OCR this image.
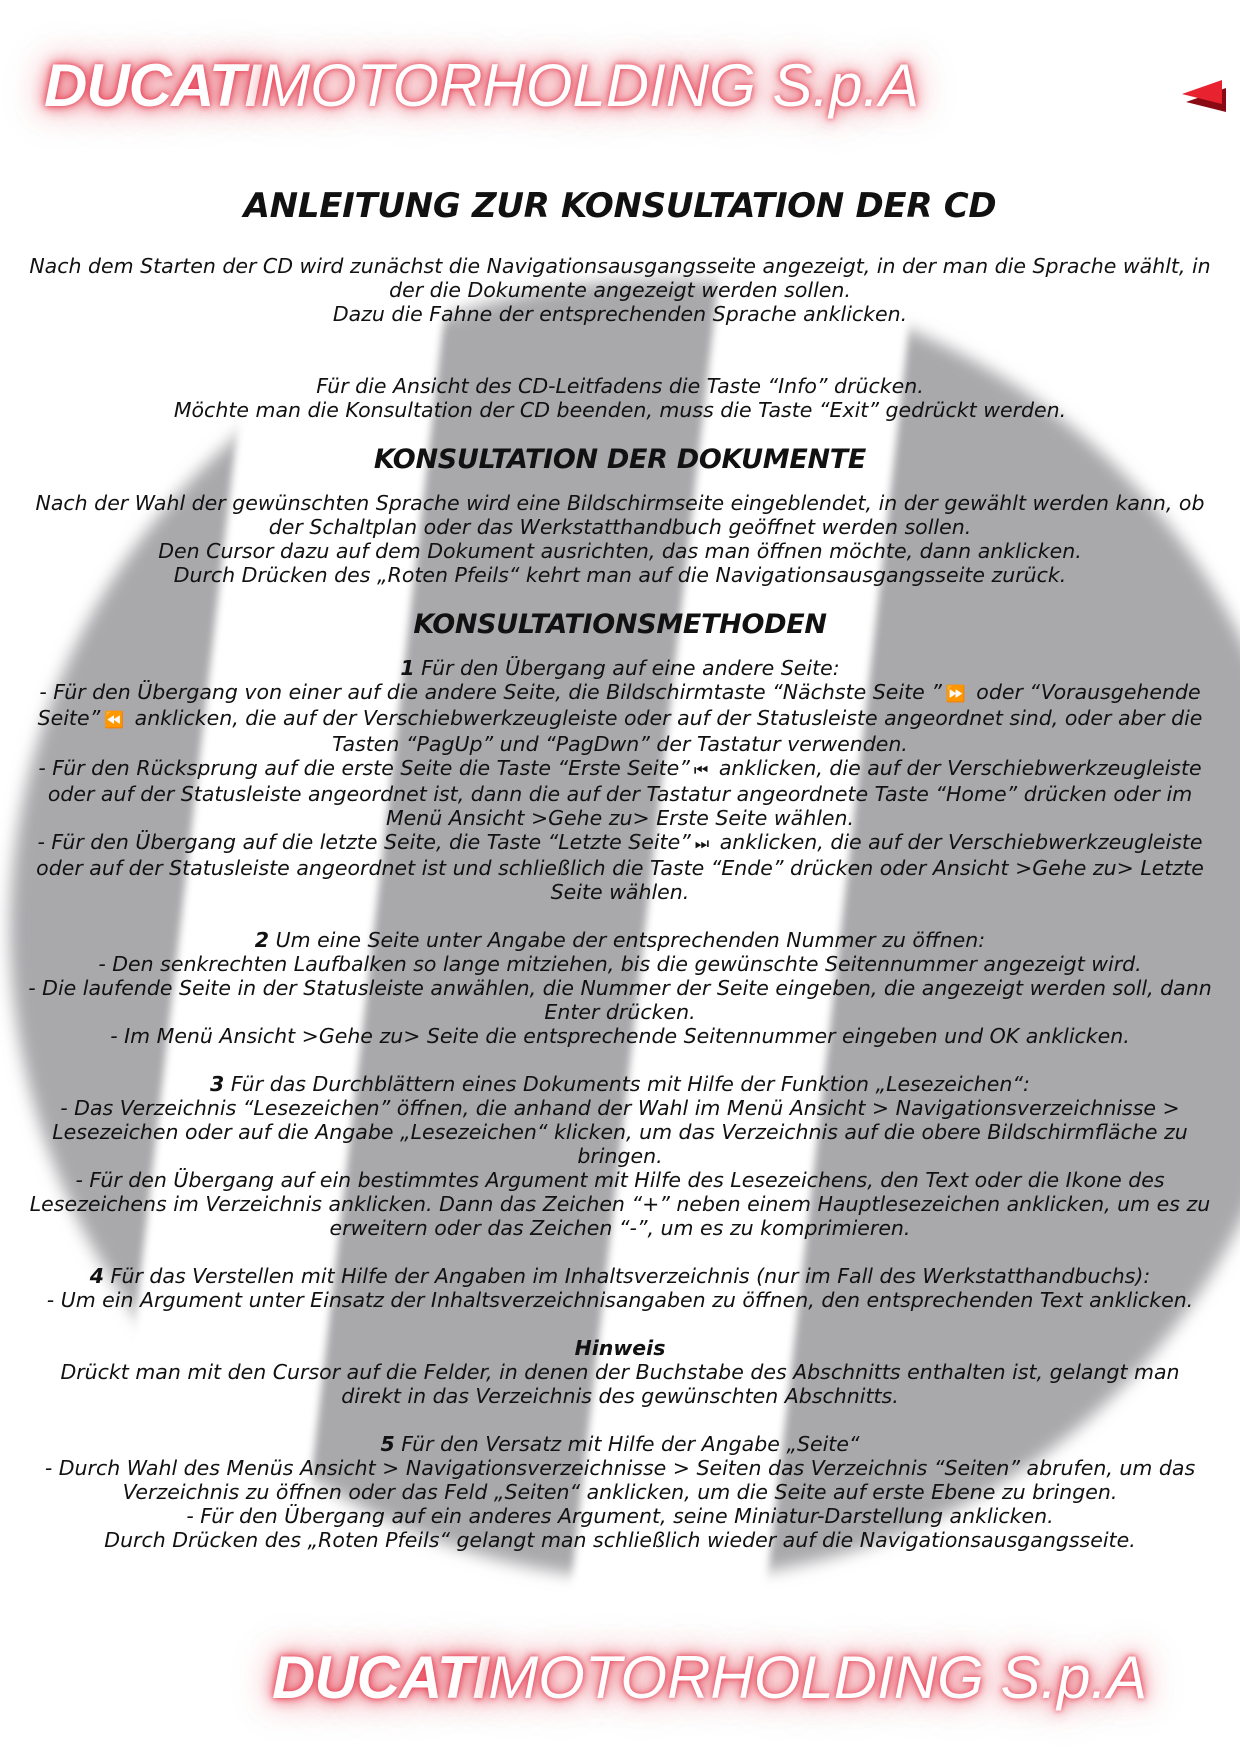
DUCATIMOTORHOLDING S.p.A
ANLEITUNG ZUR KONSULTATION DER CD

Nach dem Starten der CD wird zunächst die Navigationsausgangsseite angezeigt, in der man die Sprache wählt, in der die Dokumente angezeigt werden sollen.

Dazu die Fahne der entsprechenden Sprache anklicken.

Für die Ansicht des CD-Leitfadens die Taste “Info” drücken.

Möchte man die Konsultation der CD beenden, muss die Taste “Exit” gedrückt werden.

KONSULTATION DER DOKUMENTE

Nach der Wahl der gewünschten Sprache wird eine Bildschirmseite eingeblendet, in der gewählt werden kann, ob der Schaltplan oder das Werkstatthandbuch geöffnet werden sollen.

Den Cursor dazu auf dem Dokument ausrichten, das man öffnen möchte, dann anklicken.

Durch Drücken des „Roten Pfeils“ kehrt man auf die Navigationsausgangsseite zurück.

KONSULTATIONSMETHODEN

1 Für den Übergang auf eine andere Seite:

- Für den Übergang von einer auf die andere Seite, die Bildschirmtaste “Nächste Seite ” ⏩ oder “Vorausgehende Seite” ⏪ anklicken, die auf der Verschiebwerkzeugleiste oder auf der Statusleiste angeordnet sind, oder aber die Tasten “PagUp” und “PagDwn” der Tastatur verwenden.

- Für den Rücksprung auf die erste Seite die Taste “Erste Seite” ⏮ anklicken, die auf der Verschiebwerkzeugleiste oder auf der Statusleiste angeordnet ist, dann die auf der Tastatur angeordnete Taste “Home” drücken oder im Menü Ansicht >Gehe zu> Erste Seite wählen.

- Für den Übergang auf die letzte Seite, die Taste “Letzte Seite” ⏭ anklicken, die auf der Verschiebwerkzeugleiste oder auf der Statusleiste angeordnet ist und schließlich die Taste “Ende” drücken oder Ansicht >Gehe zu> Letzte Seite wählen.

2 Um eine Seite unter Angabe der entsprechenden Nummer zu öffnen:

- Den senkrechten Laufbalken so lange mitziehen, bis die gewünschte Seitennummer angezeigt wird.

- Die laufende Seite in der Statusleiste anwählen, die Nummer der Seite eingeben, die angezeigt werden soll, dann Enter drücken.

- Im Menü Ansicht >Gehe zu> Seite die entsprechende Seitennummer eingeben und OK anklicken.

3 Für das Durchblättern eines Dokuments mit Hilfe der Funktion „Lesezeichen“:

- Das Verzeichnis “Lesezeichen” öffnen, die anhand der Wahl im Menü Ansicht > Navigationsverzeichnisse > Lesezeichen oder auf die Angabe „Lesezeichen“ klicken, um das Verzeichnis auf die obere Bildschirmfläche zu bringen.

- Für den Übergang auf ein bestimmtes Argument mit Hilfe des Lesezeichens, den Text oder die Ikone des Lesezeichens im Verzeichnis anklicken. Dann das Zeichen “+” neben einem Hauptlesezeichen anklicken, um es zu erweitern oder das Zeichen “-”, um es zu komprimieren.

4 Für das Verstellen mit Hilfe der Angaben im Inhaltsverzeichnis (nur im Fall des Werkstatthandbuchs):

- Um ein Argument unter Einsatz der Inhaltsverzeichnisangaben zu öffnen, den entsprechenden Text anklicken.

Hinweis

Drückt man mit den Cursor auf die Felder, in denen der Buchstabe des Abschnitts enthalten ist, gelangt man direkt in das Verzeichnis des gewünschten Abschnitts.

5 Für den Versatz mit Hilfe der Angabe „Seite“

- Durch Wahl des Menüs Ansicht > Navigationsverzeichnisse > Seiten das Verzeichnis “Seiten” abrufen, um das Verzeichnis zu öffnen oder das Feld „Seiten“ anklicken, um die Seite auf erste Ebene zu bringen.

- Für den Übergang auf ein anderes Argument, seine Miniatur-Darstellung anklicken.

Durch Drücken des „Roten Pfeils“ gelangt man schließlich wieder auf die Navigationsausgangsseite.

DUCATIMOTORHOLDING S.p.A
